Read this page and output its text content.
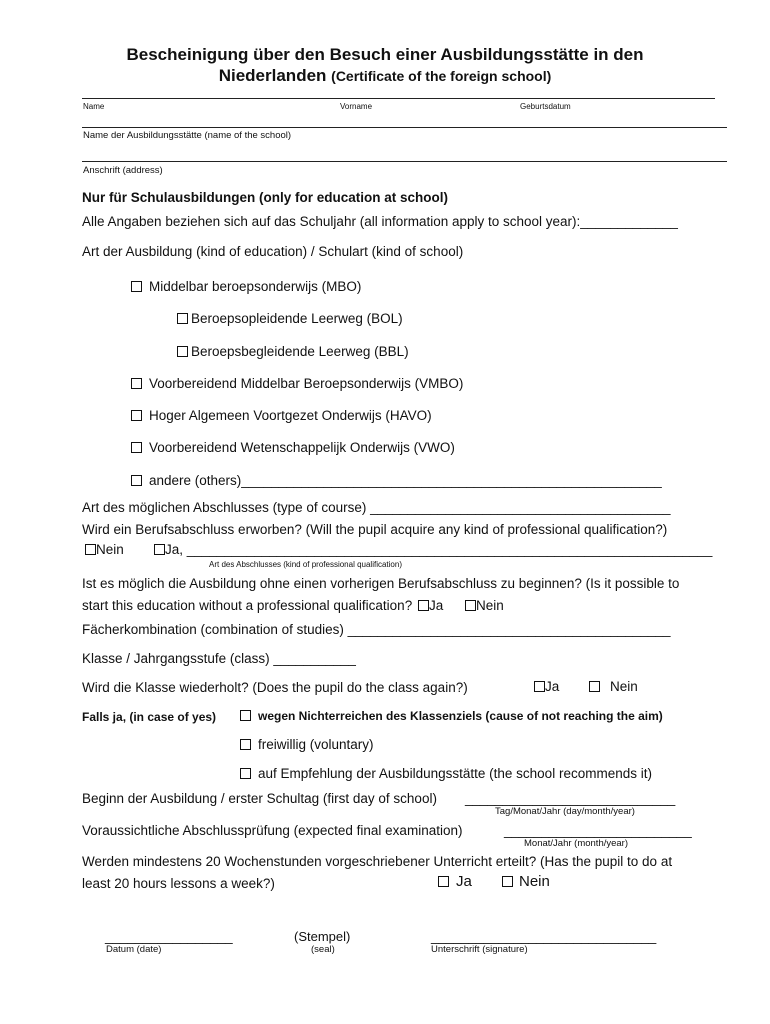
Bescheinigung über den Besuch einer Ausbildungsstätte in den
Niederlanden (Certificate of the foreign school)
Name	Vorname	Geburtsdatum
Name der Ausbildungsstätte (name of the school)
Anschrift (address)
Nur für Schulausbildungen (only for education at school)
Alle Angaben beziehen sich auf das Schuljahr (all information apply to school year):_____________
Art der Ausbildung (kind of education) / Schulart (kind of school)
Middelbar beroepsonderwijs (MBO)
Beroepsopleidende Leerweg (BOL)
Beroepsbegleidende Leerweg (BBL)
Voorbereidend Middelbar Beroepsonderwijs (VMBO)
Hoger Algemeen Voortgezet Onderwijs (HAVO)
Voorbereidend Wetenschappelijk Onderwijs (VWO)
andere (others)________________________________________________________
Art des möglichen Abschlusses (type of course) ________________________________________
Wird ein Berufsabschluss erworben? (Will the pupil acquire any kind of professional qualification?)
Nein	Ja, ______________________________________________________________________
Art des Abschlusses (kind of professional qualification)
Ist es möglich die Ausbildung ohne einen vorherigen Berufsabschluss zu beginnen? (Is it possible to
start this education without a professional qualification? Ja Nein
Fächerkombination (combination of studies) ___________________________________________
Klasse / Jahrgangsstufe (class) ___________
Wird die Klasse wiederholt? (Does the pupil do the class again?)	Ja	Nein
Falls ja, (in case of yes)	wegen Nichterreichen des Klassenziels (cause of not reaching the aim)
freiwillig (voluntary)
auf Empfehlung der Ausbildungsstätte (the school recommends it)
Beginn der Ausbildung / erster Schultag (first day of school) ____________________________
Tag/Monat/Jahr (day/month/year)
Voraussichtliche Abschlussprüfung (expected final examination)	_________________________
Monat/Jahr (month/year)
Werden mindestens 20 Wochenstunden vorgeschriebener Unterricht erteilt? (Has the pupil to do at
least 20 hours lessons a week?)	Ja	Nein
_________________
Datum (date)
(Stempel)
(seal)
______________________________
Unterschrift (signature)
